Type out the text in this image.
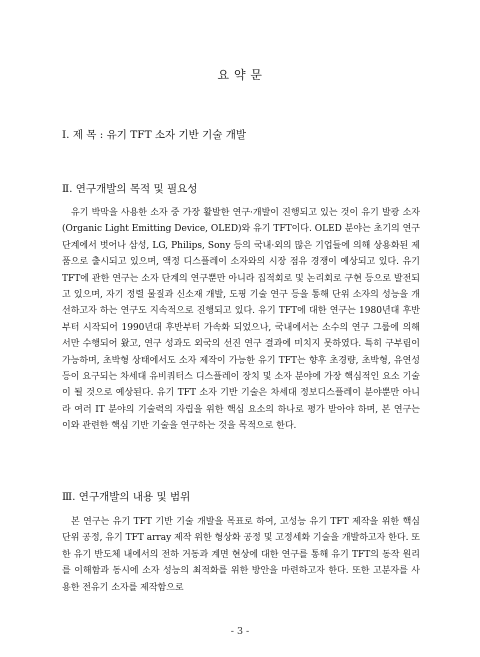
요 약 문
Ⅰ. 제 목 : 유기 TFT 소자 기반 기술 개발
Ⅱ. 연구개발의 목적 및 필요성

유기 박막을 사용한 소자 중 가장 활발한 연구·개발이 진행되고 있는 것이 유기 발광 소자(Organic Light Emitting Device, OLED)와 유기 TFT이다. OLED 분야는 초기의 연구 단계에서 벗어나 삼성, LG, Philips, Sony 등의 국내·외의 많은 기업들에 의해 상용화된 제품으로 출시되고 있으며, 액정 디스플레이 소자와의 시장 점유 경쟁이 예상되고 있다. 유기 TFT에 관한 연구는 소자 단계의 연구뿐만 아니라 집적회로 및 논리회로 구현 등으로 발전되고 있으며, 자기 정렬 물질과 신소재 개발, 도핑 기술 연구 등을 통해 단위 소자의 성능을 개선하고자 하는 연구도 지속적으로 진행되고 있다. 유기 TFT에 대한 연구는 1980년대 후반부터 시작되어 1990년대 후반부터 가속화 되었으나, 국내에서는 소수의 연구 그룹에 의해서만 수행되어 왔고, 연구 성과도 외국의 선진 연구 결과에 미치지 못하였다. 특히 구부림이 가능하며, 초박형 상태에서도 소자 제작이 가능한 유기 TFT는 향후 초경량, 초박형, 유연성 등이 요구되는 차세대 유비쿼터스 디스플레이 장치 및 소자 분야에 가장 핵심적인 요소 기술이 될 것으로 예상된다. 유기 TFT 소자 기반 기술은 차세대 정보디스플레이 분야뿐만 아니라 여러 IT 분야의 기술력의 자립을 위한 핵심 요소의 하나로 평가 받아야 하며, 본 연구는 이와 관련한 핵심 기반 기술을 연구하는 것을 목적으로 한다.

Ⅲ. 연구개발의 내용 및 범위

본 연구는 유기 TFT 기반 기술 개발을 목표로 하여, 고성능 유기 TFT 제작을 위한 핵심 단위 공정, 유기 TFT array 제작 위한 형상화 공정 및 고정세화 기술을 개발하고자 한다. 또한 유기 반도체 내에서의 전하 거동과 계면 현상에 대한 연구를 통해 유기 TFT의 동작 원리를 이해함과 동시에 소자 성능의 최적화를 위한 방안을 마련하고자 한다. 또한 고분자를 사용한 전유기 소자를 제작함으로

- 3 -
